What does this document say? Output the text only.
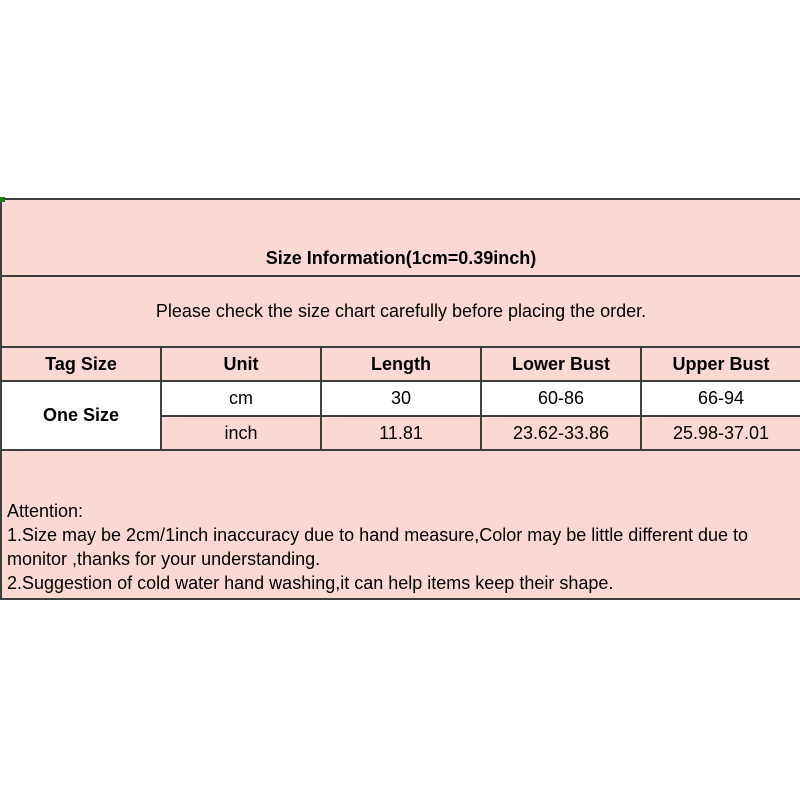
Size Information(1cm=0.39inch)				
Please check the size chart carefully before placing the order.				
Tag Size	Unit	Length	Lower Bust	Upper Bust
One Size	cm	30	60-86	66-94
	inch	11.81	23.62-33.86	25.98-37.01

Attention:
1.Size may be 2cm/1inch inaccuracy due to hand measure,Color may be little different due to monitor ,thanks for your understanding.
2.Suggestion of cold water hand washing,it can help items keep their shape.				
